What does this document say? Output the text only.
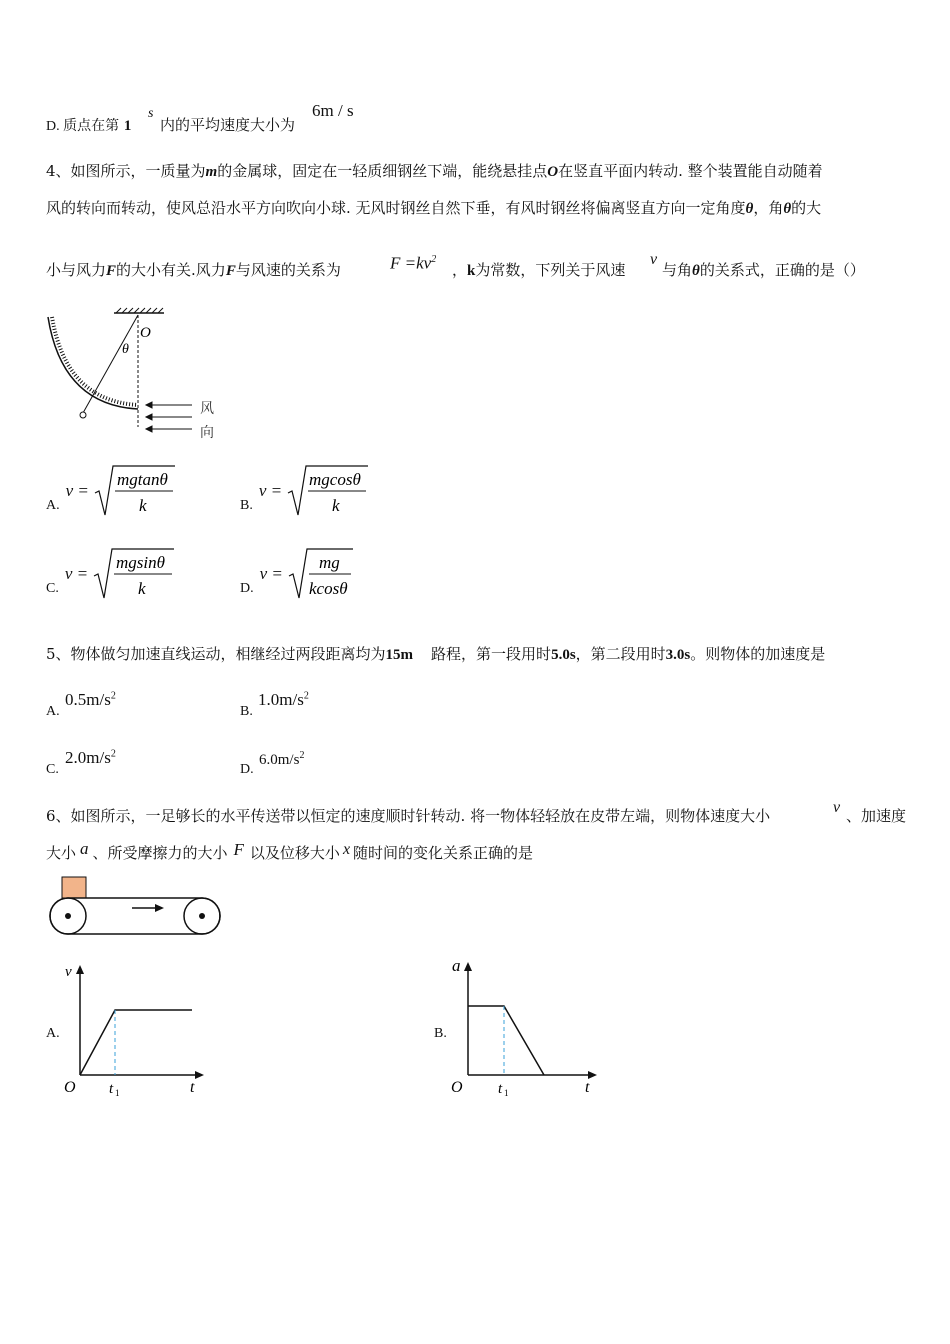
D. 质点在第 1
s
内的平均速度大小为
6m / s
4、如图所示，一质量为m的金属球，固定在一轻质细钢丝下端，能绕悬挂点O在竖直平面内转动. 整个装置能自动随着
风的转向而转动，使风总沿水平方向吹向小球. 无风时钢丝自然下垂，有风时钢丝将偏离竖直方向一定角度θ，角θ的大
小与风力F的大小有关.风力F与风速的关系为	$F =kv^2$
，k为常数，下列关于风速
v
与角θ的关系式，正确的是（）
O
θ
风
向
A.
v =
mgtanθ
k	B.
v =
mgcosθ
k
C.
v =
mgsinθ
k	D.
v =
mg
kcosθ
5、物体做匀加速直线运动，相继经过两段距离均为15m 路程，第一段用时5.0s，第二段用时3.0s。则物体的加速度是
A.
$0.5m/s^2$
B.
$1.0m/s^2$
C.
$2.0m/s^2$
D.
$6.0m/s^2$
6、如图所示，一足够长的水平传送带以恒定的速度顺时针转动. 将一物体轻轻放在皮带左端，则物体速度大小	v 、加速度
大小 a 、所受摩擦力的大小 F 以及位移大小 x 随时间的变化关系正确的是
A.
v
t
O t 1
B.
a
t
O t 1
